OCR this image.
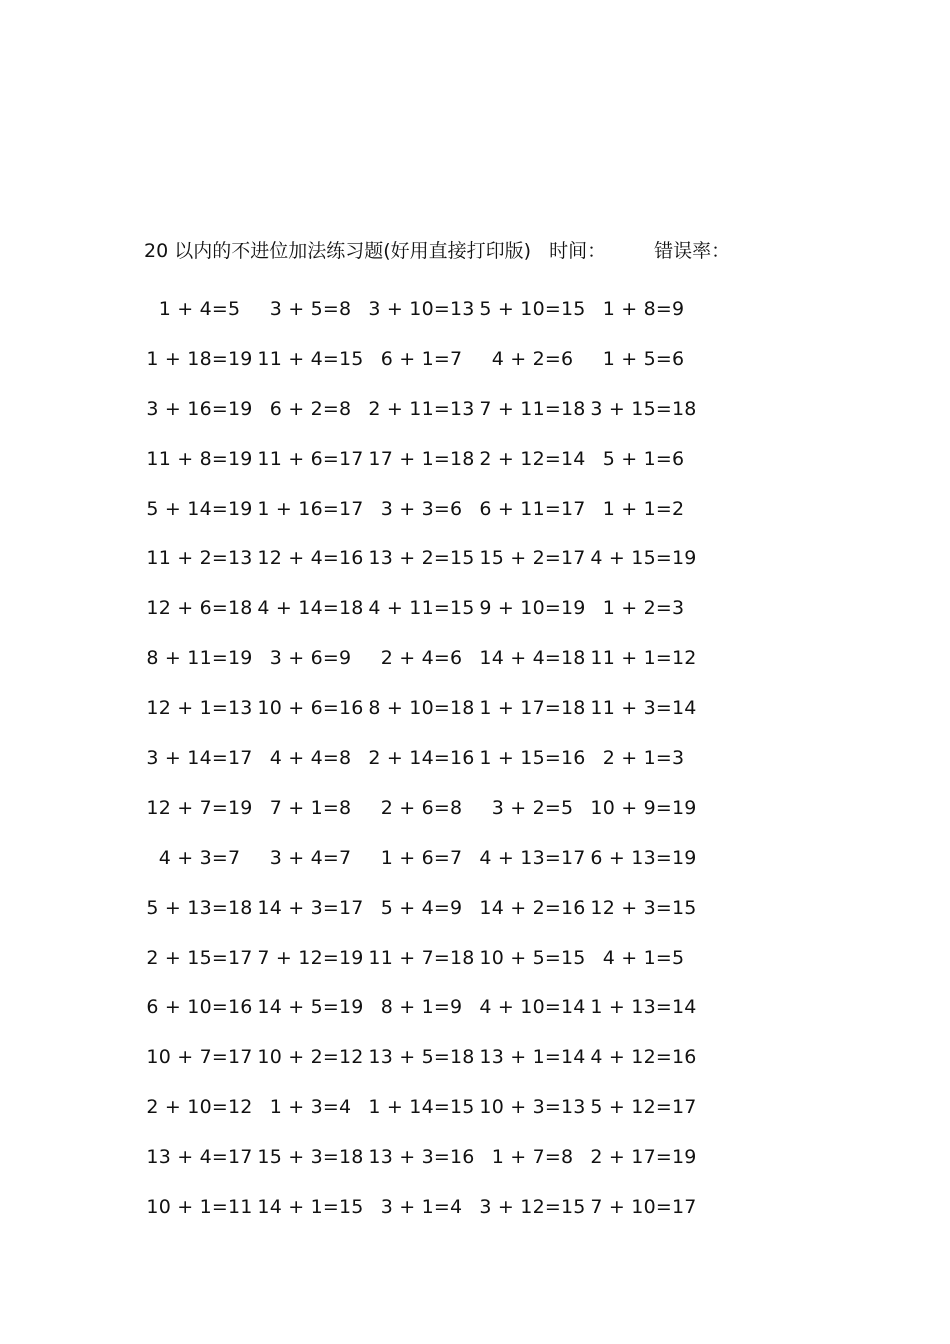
20 以内的不进位加法练习题(好用直接打印版) 时间：	错误率：
1 + 4=5	3 + 5=8 3 + 10=13 5 + 10=15 1 + 8=9
1 + 18=19 11 + 4=15 6 + 1=7	4 + 2=6	1 + 5=6
3 + 16=19 6 + 2=8 2 + 11=13 7 + 11=18 3 + 15=18
11 + 8=19 11 + 6=17 17 + 1=18 2 + 12=14 5 + 1=6
5 + 14=19 1 + 16=17 3 + 3=6 6 + 11=17 1 + 1=2
11 + 2=13 12 + 4=16 13 + 2=15 15 + 2=17 4 + 15=19
12 + 6=18 4 + 14=18 4 + 11=15 9 + 10=19 1 + 2=3
8 + 11=19 3 + 6=9	2 + 4=6 14 + 4=18 11 + 1=12
12 + 1=13 10 + 6=16 8 + 10=18 1 + 17=18 11 + 3=14
3 + 14=17 4 + 4=8 2 + 14=16 1 + 15=16 2 + 1=3
12 + 7=19 7 + 1=8	2 + 6=8	3 + 2=5 10 + 9=19
4 + 3=7	3 + 4=7	1 + 6=7 4 + 13=17 6 + 13=19
5 + 13=18 14 + 3=17 5 + 4=9 14 + 2=16 12 + 3=15
2 + 15=17 7 + 12=19 11 + 7=18 10 + 5=15 4 + 1=5
6 + 10=16 14 + 5=19 8 + 1=9 4 + 10=14 1 + 13=14
10 + 7=17 10 + 2=12 13 + 5=18 13 + 1=14 4 + 12=16
2 + 10=12 1 + 3=4 1 + 14=15 10 + 3=13 5 + 12=17
13 + 4=17 15 + 3=18 13 + 3=16 1 + 7=8 2 + 17=19
10 + 1=11 14 + 1=15 3 + 1=4 3 + 12=15 7 + 10=17
